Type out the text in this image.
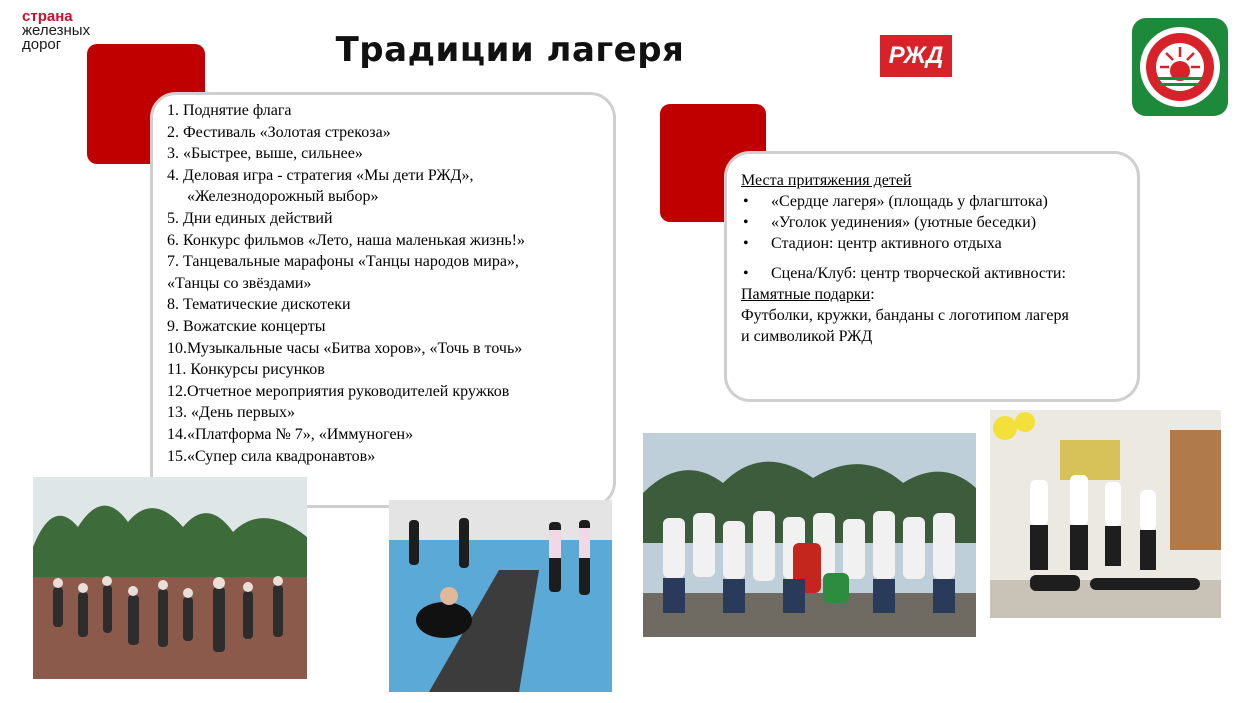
страна
железных
дорог	Традиции лагеря	РЖД
1. Поднятие флага
2. Фестиваль «Золотая стрекоза»
3. «Быстрее, выше, сильнее»
4. Деловая игра - стратегия «Мы дети РЖД»,
«Железнодорожный выбор»
5. Дни единых действий
6. Конкурс фильмов «Лето, наша маленькая жизнь!»
7. Танцевальные марафоны «Танцы народов мира»,
«Танцы со звёздами»
8. Тематические дискотеки
9. Вожатские концерты
10.Музыкальные часы «Битва хоров», «Точь в точь»
11. Конкурсы рисунков
12.Отчетное мероприятия руководителей кружков
13. «День первых»
14.«Платформа № 7», «Иммуноген»
15.«Супер сила квадронавтов»
Места притяжения детей
• «Сердце лагеря» (площадь у флагштока)
• «Уголок уединения» (уютные беседки)
• Стадион: центр активного отдыха
• Сцена/Клуб: центр творческой активности:
Памятные подарки:
Футболки, кружки, банданы с логотипом лагеря
и символикой РЖД
